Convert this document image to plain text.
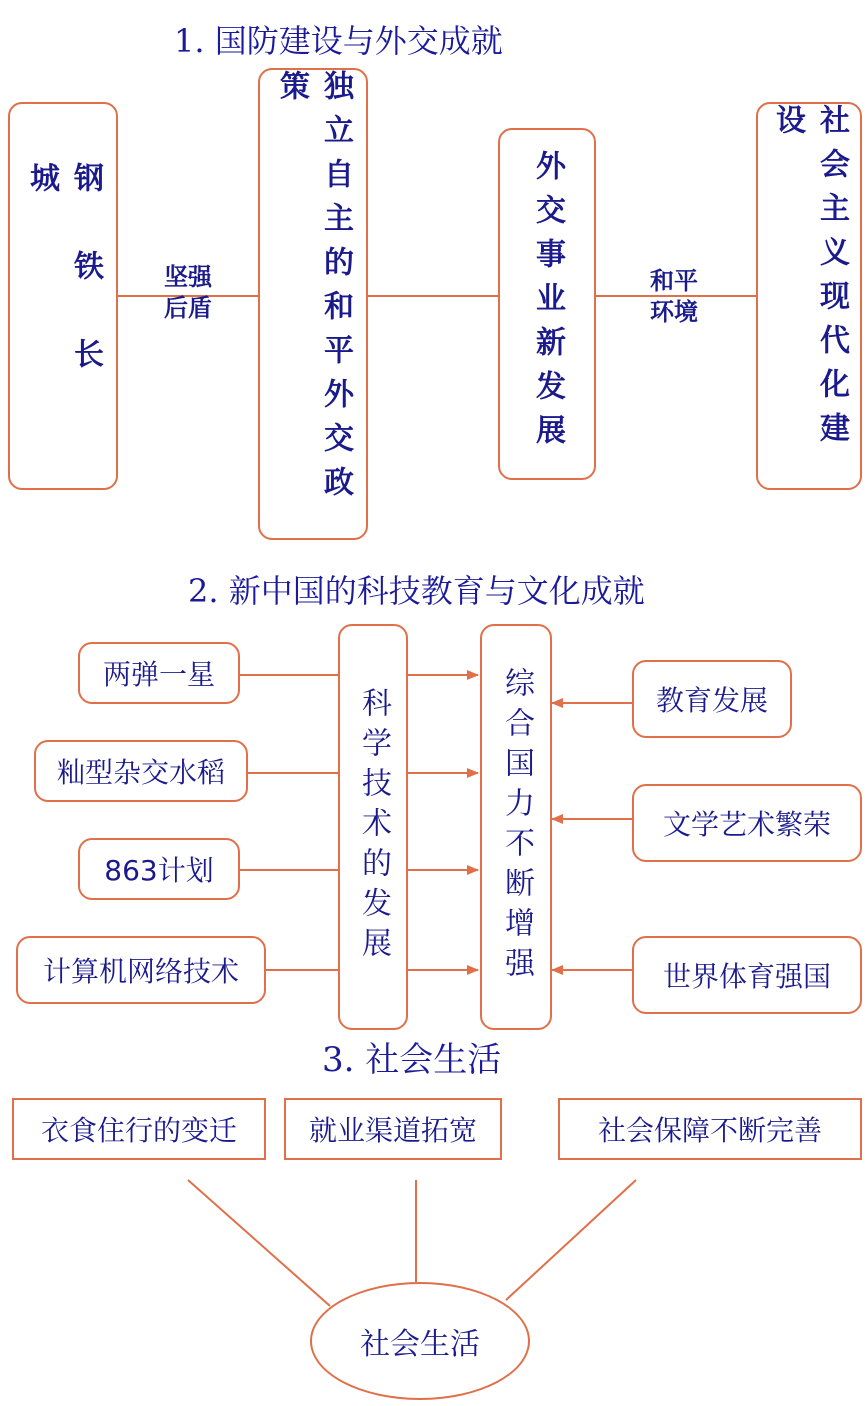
1. 国防建设与外交成就
钢铁长城	独立自主的和平外交政策
外交事业新发展	社会主义现代化建设
坚强
后盾
和平
环境
2. 新中国的科技教育与文化成就
两弹一星
籼型杂交水稻
863计划
计算机网络技术
科学技术的发展	综合国力不断增强	教育发展
文学艺术繁荣
世界体育强国
3. 社会生活
衣食住行的变迁	就业渠道拓宽	社会保障不断完善
社会生活
